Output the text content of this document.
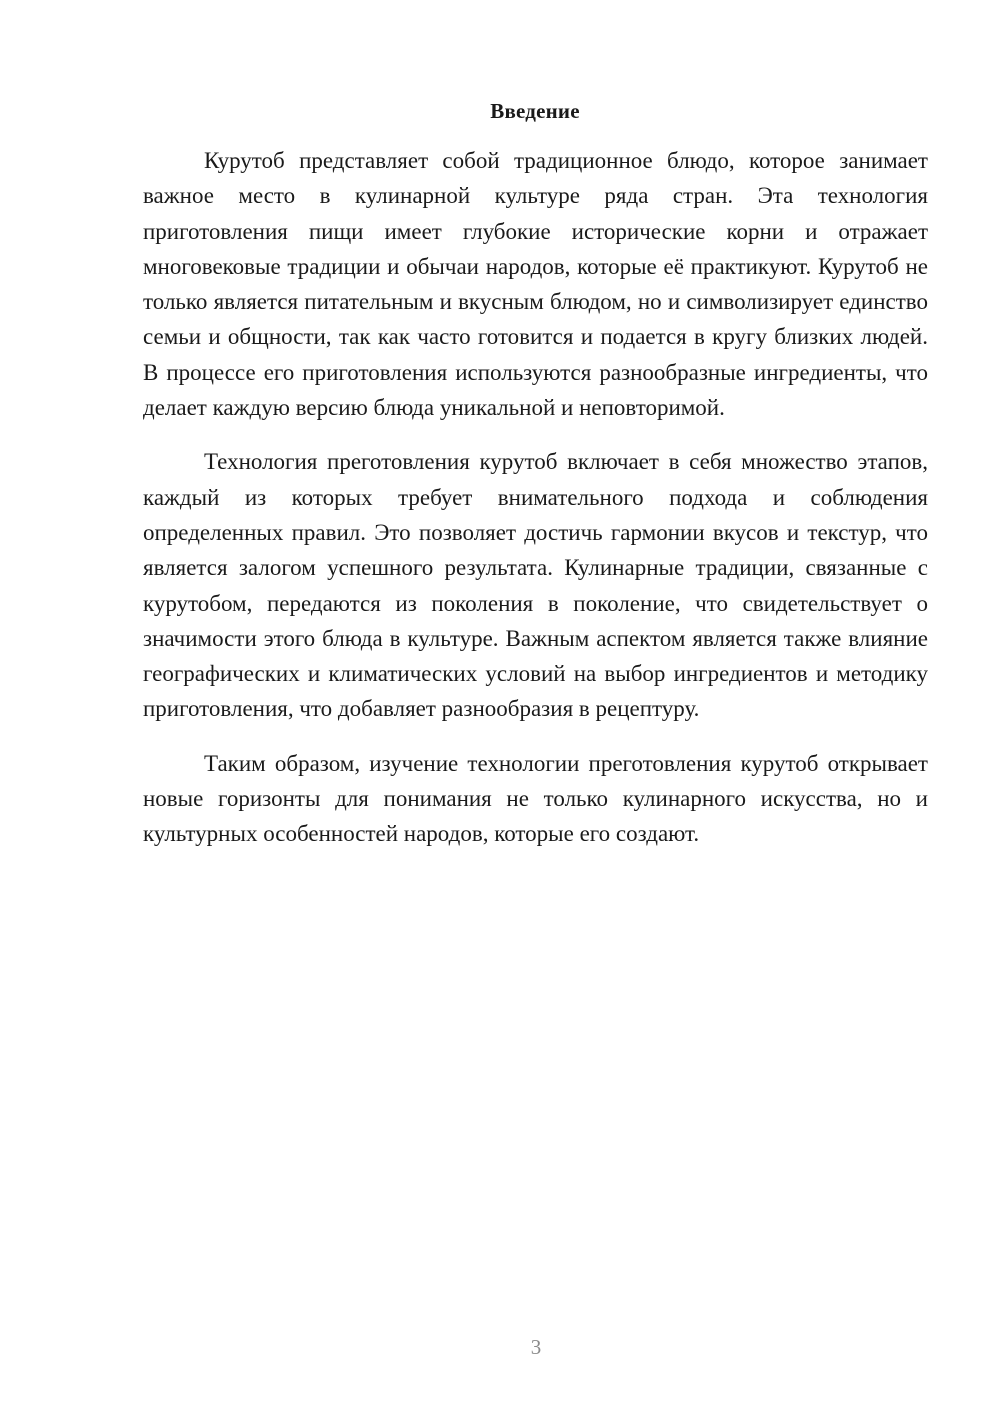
Введение

Курутоб представляет собой традиционное блюдо, которое занимает важное место в кулинарной культуре ряда стран. Эта технология приготовления пищи имеет глубокие исторические корни и отражает многовековые традиции и обычаи народов, которые её практикуют. Курутоб не только является питательным и вкусным блюдом, но и символизирует единство семьи и общности, так как часто готовится и подается в кругу близких людей. В процессе его приготовления используются разнообразные ингредиенты, что делает каждую версию блюда уникальной и неповторимой.

Технология преготовления курутоб включает в себя множество этапов, каждый из которых требует внимательного подхода и соблюдения определенных правил. Это позволяет достичь гармонии вкусов и текстур, что является залогом успешного результата. Кулинарные традиции, связанные с курутобом, передаются из поколения в поколение, что свидетельствует о значимости этого блюда в культуре. Важным аспектом является также влияние географических и климатических условий на выбор ингредиентов и методику приготовления, что добавляет разнообразия в рецептуру.

Таким образом, изучение технологии преготовления курутоб открывает новые горизонты для понимания не только кулинарного искусства, но и культурных особенностей народов, которые его создают.

3
